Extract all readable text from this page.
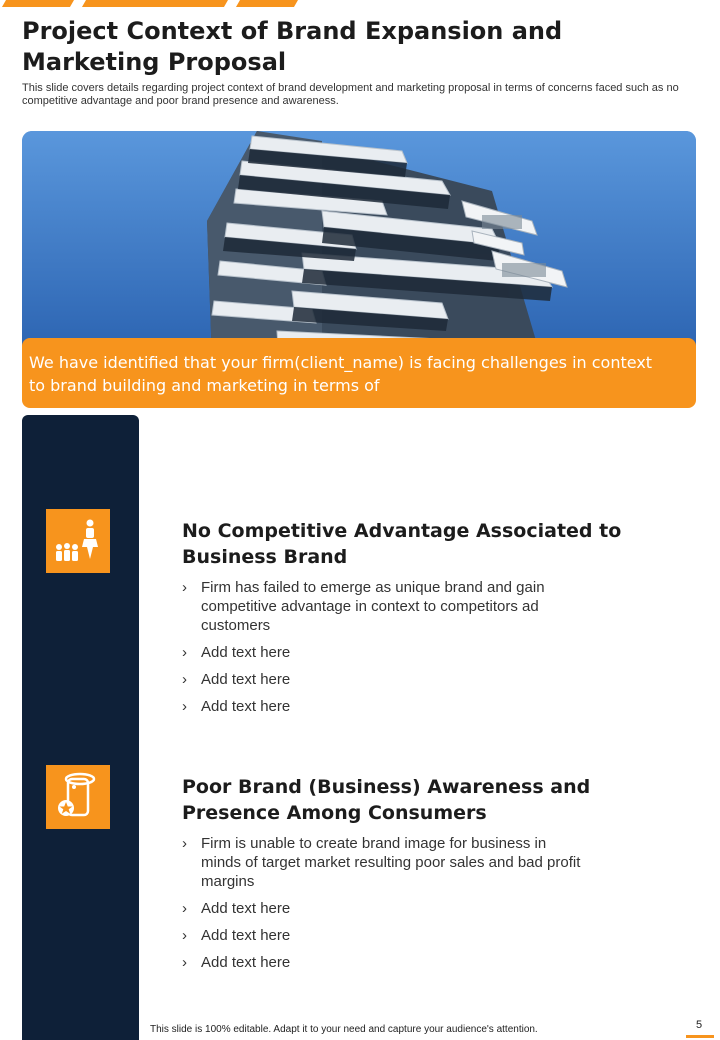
Project Context of Brand Expansion and Marketing Proposal

This slide covers details regarding project context of brand development and marketing proposal in terms of concerns faced such as no competitive advantage and poor brand presence and awareness.

We have identified that your firm(client_name) is facing challenges in context to brand building and marketing in terms of

No Competitive Advantage Associated to Business Brand
› Firm has failed to emerge as unique brand and gain competitive advantage in context to competitors ad customers
› Add text here
› Add text here
› Add text here
Poor Brand (Business) Awareness and Presence Among Consumers
› Firm is unable to create brand image for business in minds of target market resulting poor sales and bad profit margins
› Add text here
› Add text here
› Add text here

This slide is 100% editable. Adapt it to your need and capture your audience's attention.	5
